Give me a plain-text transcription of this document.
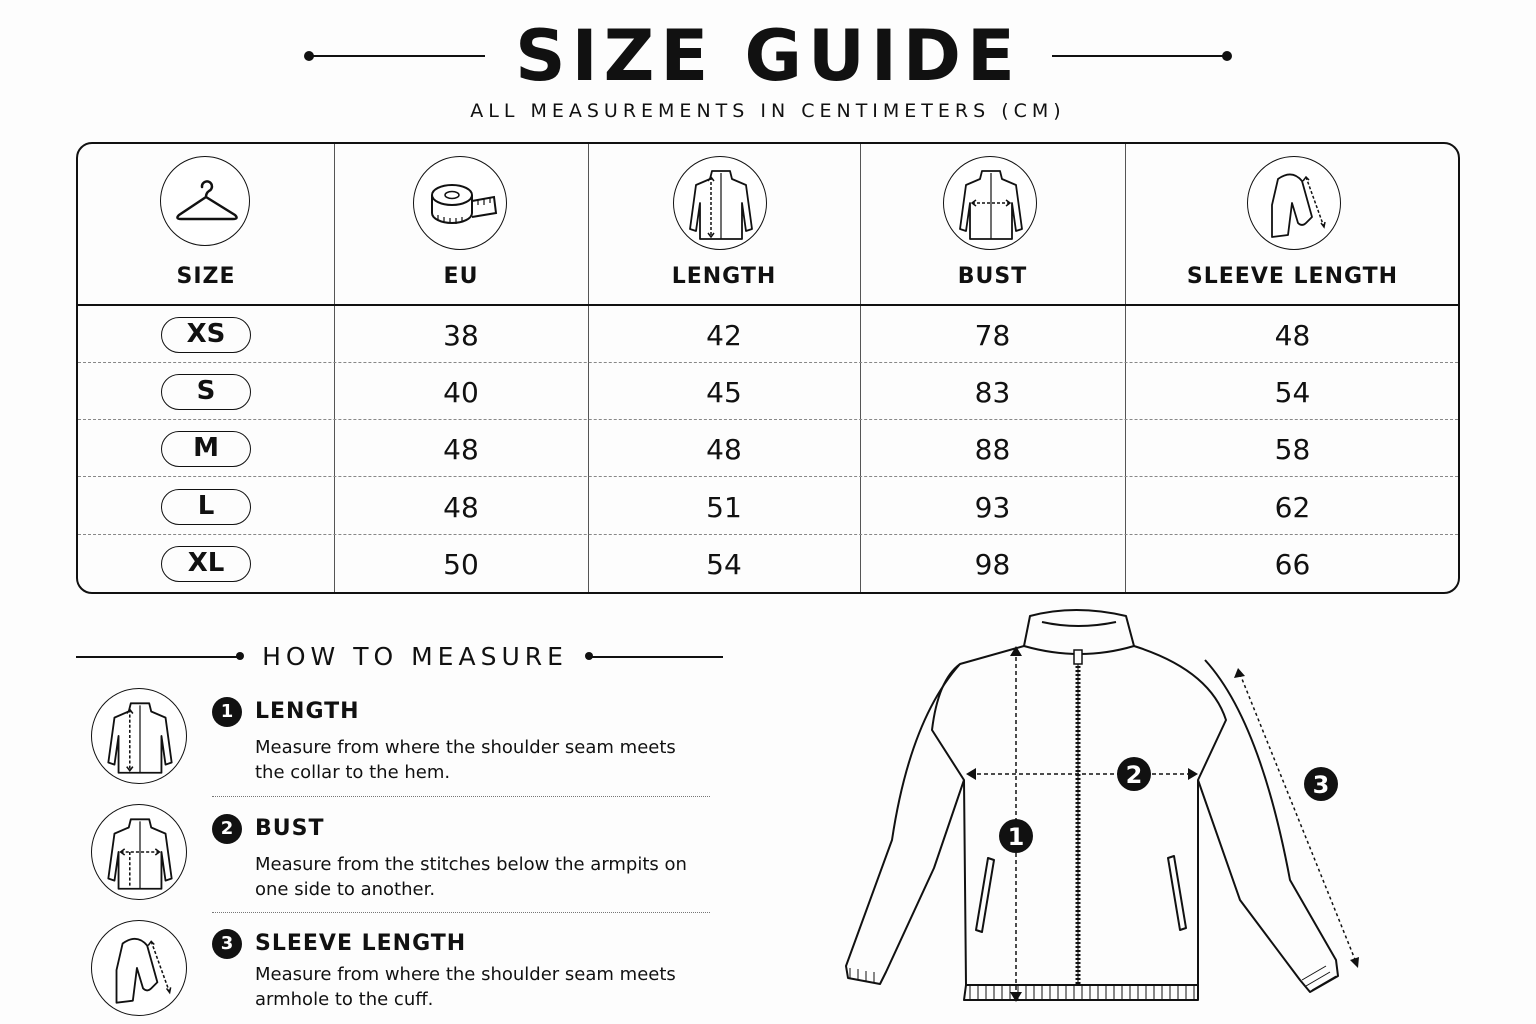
SIZE GUIDE
ALL MEASUREMENTS IN CENTIMETERS (CM)
SIZE	EU	LENGTH	BUST	SLEEVE LENGTH
XS	38	42	78	48
S	40	45	83	54
M	48	48	88	58
L	48	51	93	62
XL	50	54	98	66
HOW TO MEASURE
1 LENGTH
Measure from where the shoulder seam meets the collar to the hem.
2 BUST
Measure from the stitches below the armpits on one side to another.
3 SLEEVE LENGTH
Measure from where the shoulder seam meets armhole to the cuff.
1
2	3
